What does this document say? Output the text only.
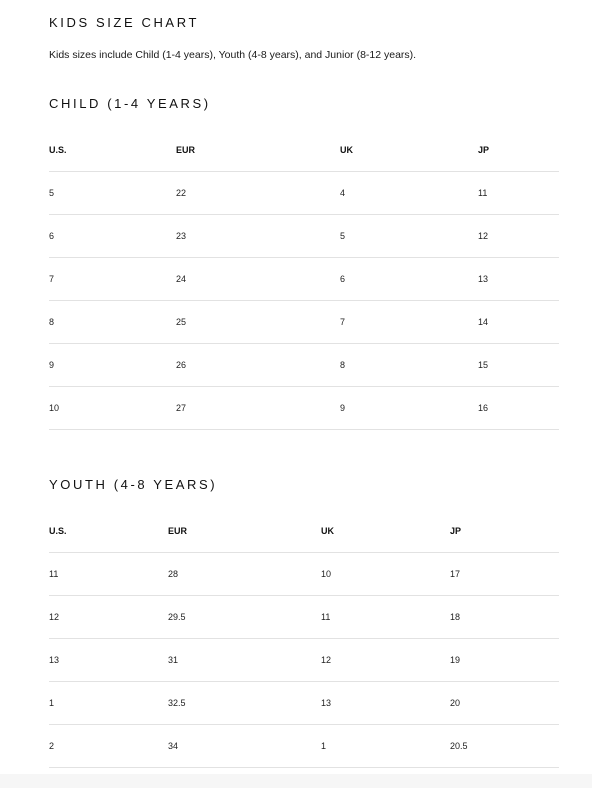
KIDS SIZE CHART

Kids sizes include Child (1-4 years), Youth (4-8 years), and Junior (8-12 years).

CHILD (1-4 YEARS)
U.S.	EUR	UK	JP
5	22	4	11
6	23	5	12
7	24	6	13
8	25	7	14
9	26	8	15
10	27	9	16
YOUTH (4-8 YEARS)
U.S.	EUR	UK	JP
11	28	10	17
12	29.5	11	18
13	31	12	19
1	32.5	13	20
2	34	1	20.5
